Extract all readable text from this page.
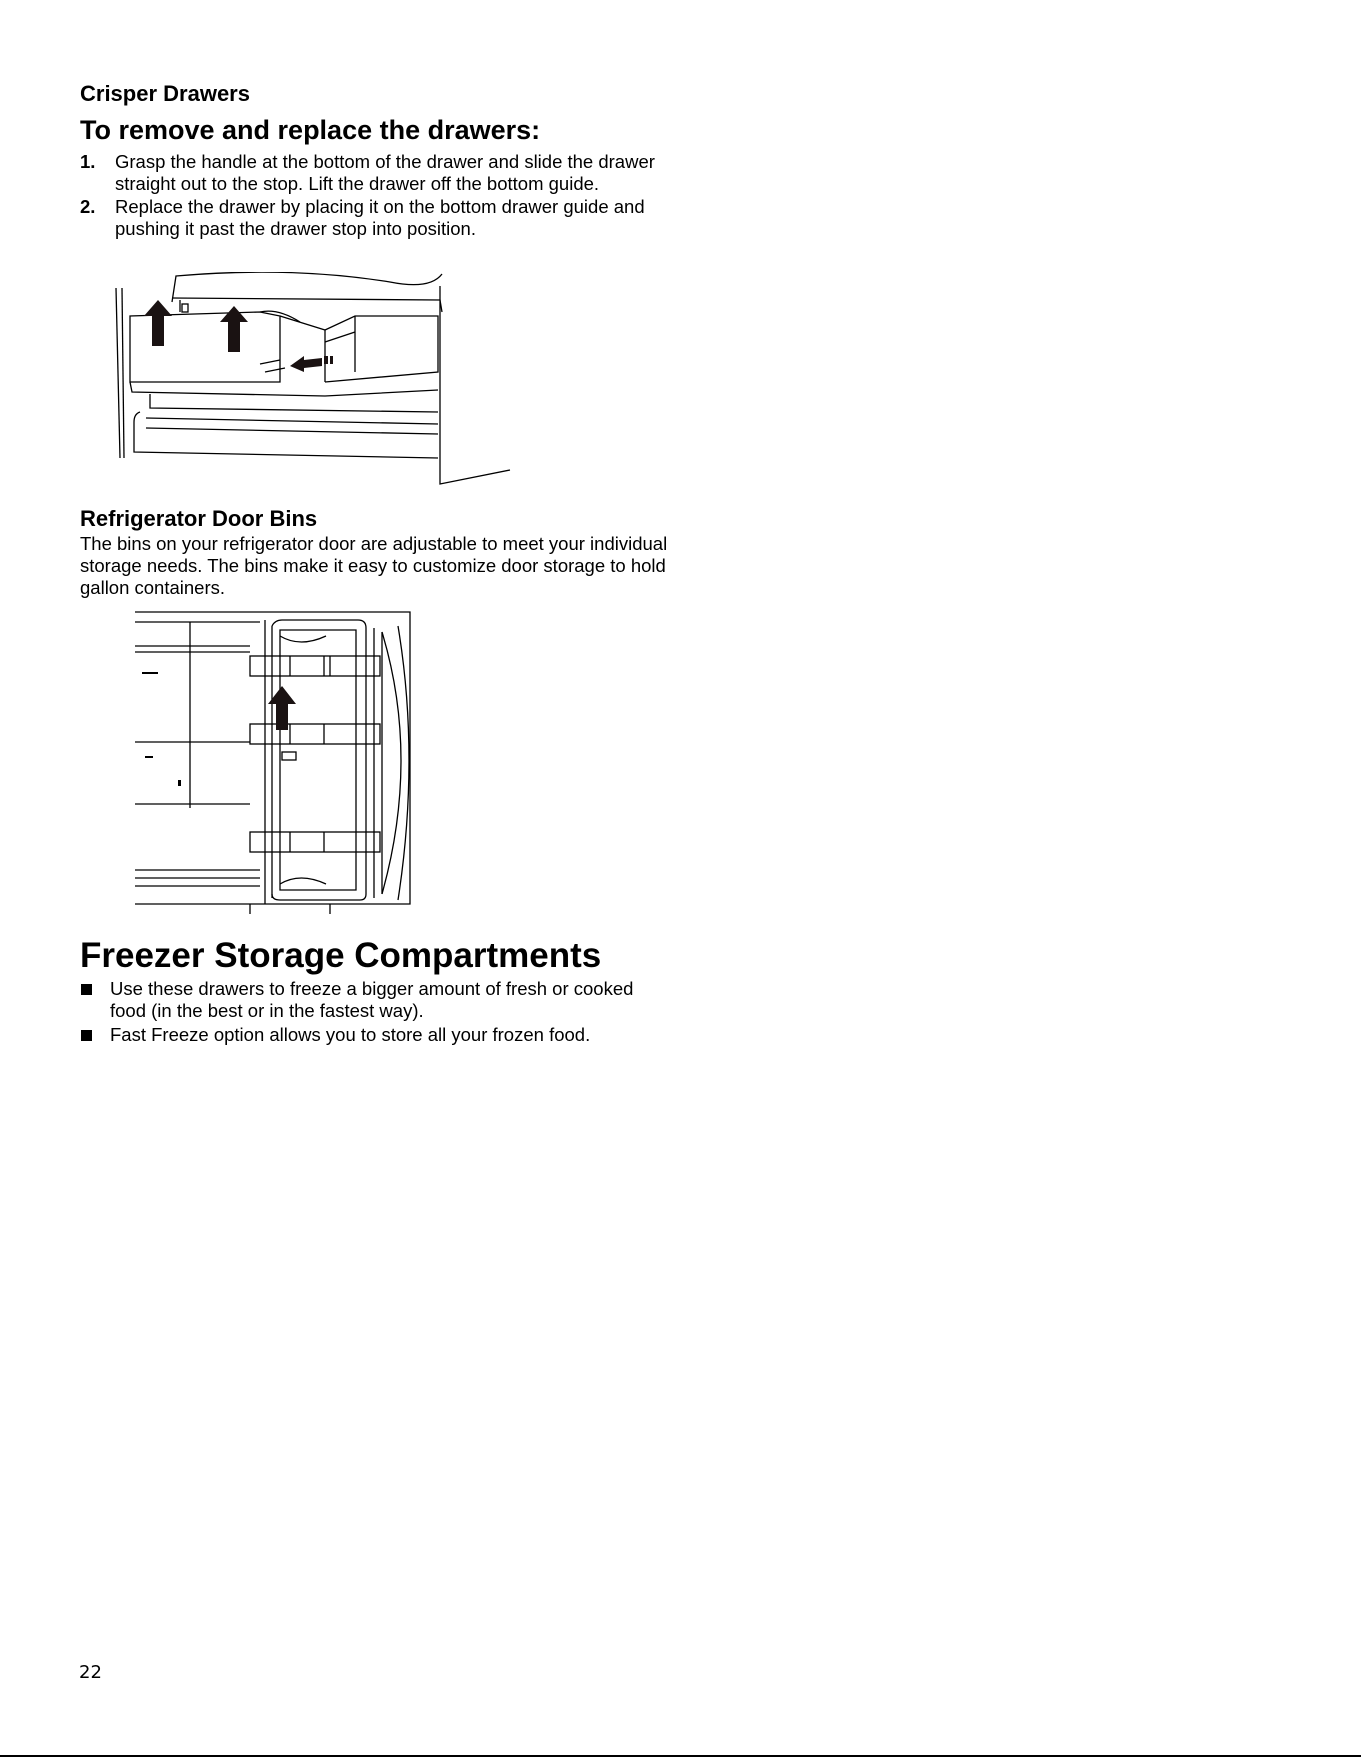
Crisper Drawers
To remove and replace the drawers:
1. Grasp the handle at the bottom of the drawer and slide the drawer straight out to the stop. Lift the drawer off the bottom guide.
2. Replace the drawer by placing it on the bottom drawer guide and pushing it past the drawer stop into position.
Refrigerator Door Bins

The bins on your refrigerator door are adjustable to meet your individual storage needs. The bins make it easy to customize door storage to hold gallon containers.

Freezer Storage Compartments
Use these drawers to freeze a bigger amount of fresh or cooked food (in the best or in the fastest way).
Fast Freeze option allows you to store all your frozen food.
22
